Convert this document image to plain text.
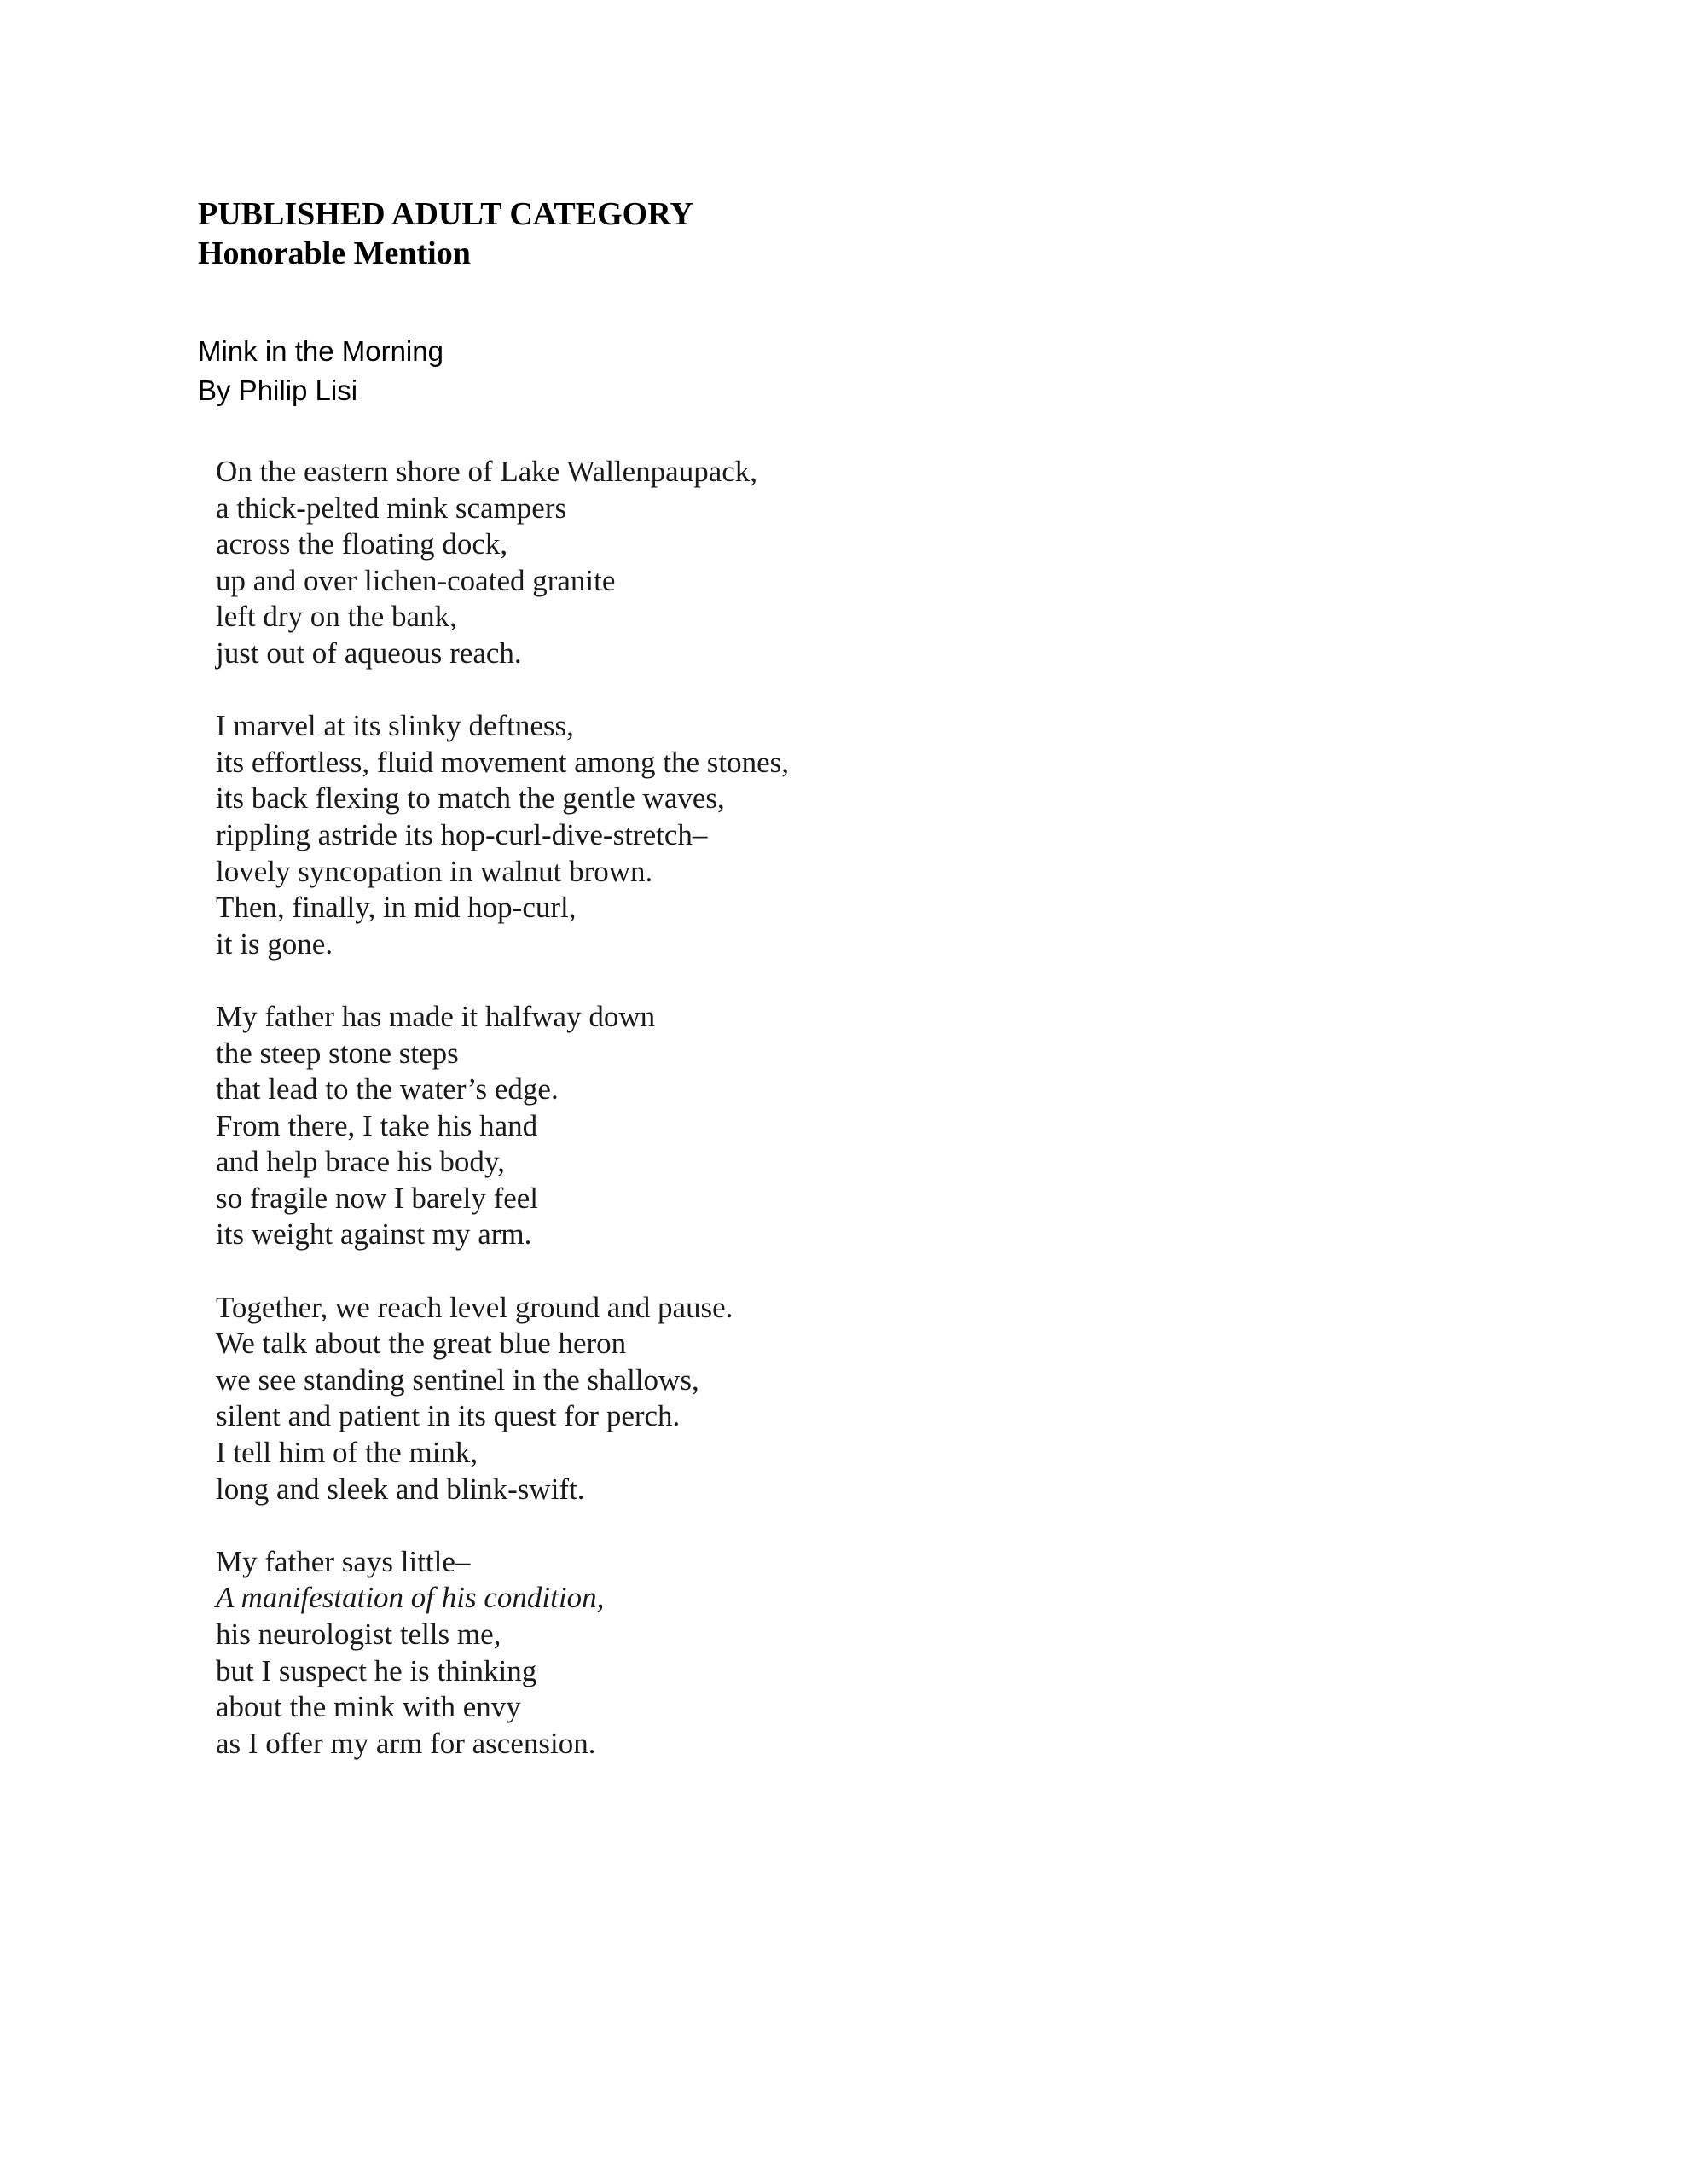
PUBLISHED ADULT CATEGORY
Honorable Mention
Mink in the Morning
By Philip Lisi
On the eastern shore of Lake Wallenpaupack,
a thick-pelted mink scampers
across the floating dock,
up and over lichen-coated granite
left dry on the bank,
just out of aqueous reach.
I marvel at its slinky deftness,
its effortless, fluid movement among the stones,
its back flexing to match the gentle waves,
rippling astride its hop-curl-dive-stretch–
lovely syncopation in walnut brown.
Then, finally, in mid hop-curl,
it is gone.
My father has made it halfway down
the steep stone steps
that lead to the water’s edge.
From there, I take his hand
and help brace his body,
so fragile now I barely feel
its weight against my arm.
Together, we reach level ground and pause.
We talk about the great blue heron
we see standing sentinel in the shallows,
silent and patient in its quest for perch.
I tell him of the mink,
long and sleek and blink-swift.
My father says little–
A manifestation of his condition,
his neurologist tells me,
but I suspect he is thinking
about the mink with envy
as I offer my arm for ascension.
